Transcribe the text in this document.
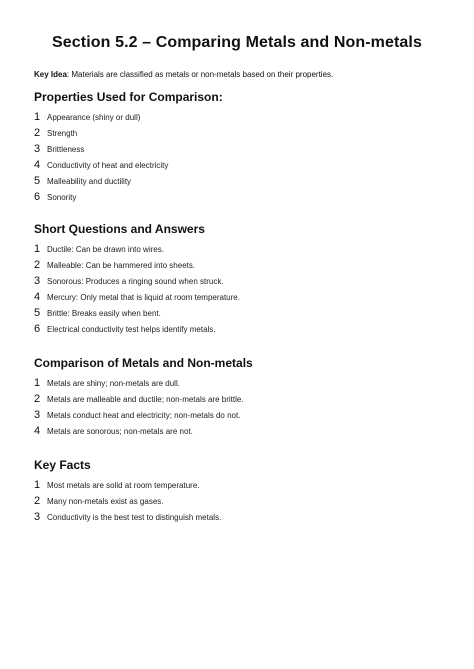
Section 5.2 – Comparing Metals and Non-metals
Key Idea: Materials are classified as metals or non-metals based on their properties.
Properties Used for Comparison:
1 Appearance (shiny or dull)
2 Strength
3 Brittleness
4 Conductivity of heat and electricity
5 Malleability and ductility
6 Sonority
Short Questions and Answers
1 Ductile: Can be drawn into wires.
2 Malleable: Can be hammered into sheets.
3 Sonorous: Produces a ringing sound when struck.
4 Mercury: Only metal that is liquid at room temperature.
5 Brittle: Breaks easily when bent.
6 Electrical conductivity test helps identify metals.
Comparison of Metals and Non-metals
1 Metals are shiny; non-metals are dull.
2 Metals are malleable and ductile; non-metals are brittle.
3 Metals conduct heat and electricity; non-metals do not.
4 Metals are sonorous; non-metals are not.
Key Facts
1 Most metals are solid at room temperature.
2 Many non-metals exist as gases.
3 Conductivity is the best test to distinguish metals.
